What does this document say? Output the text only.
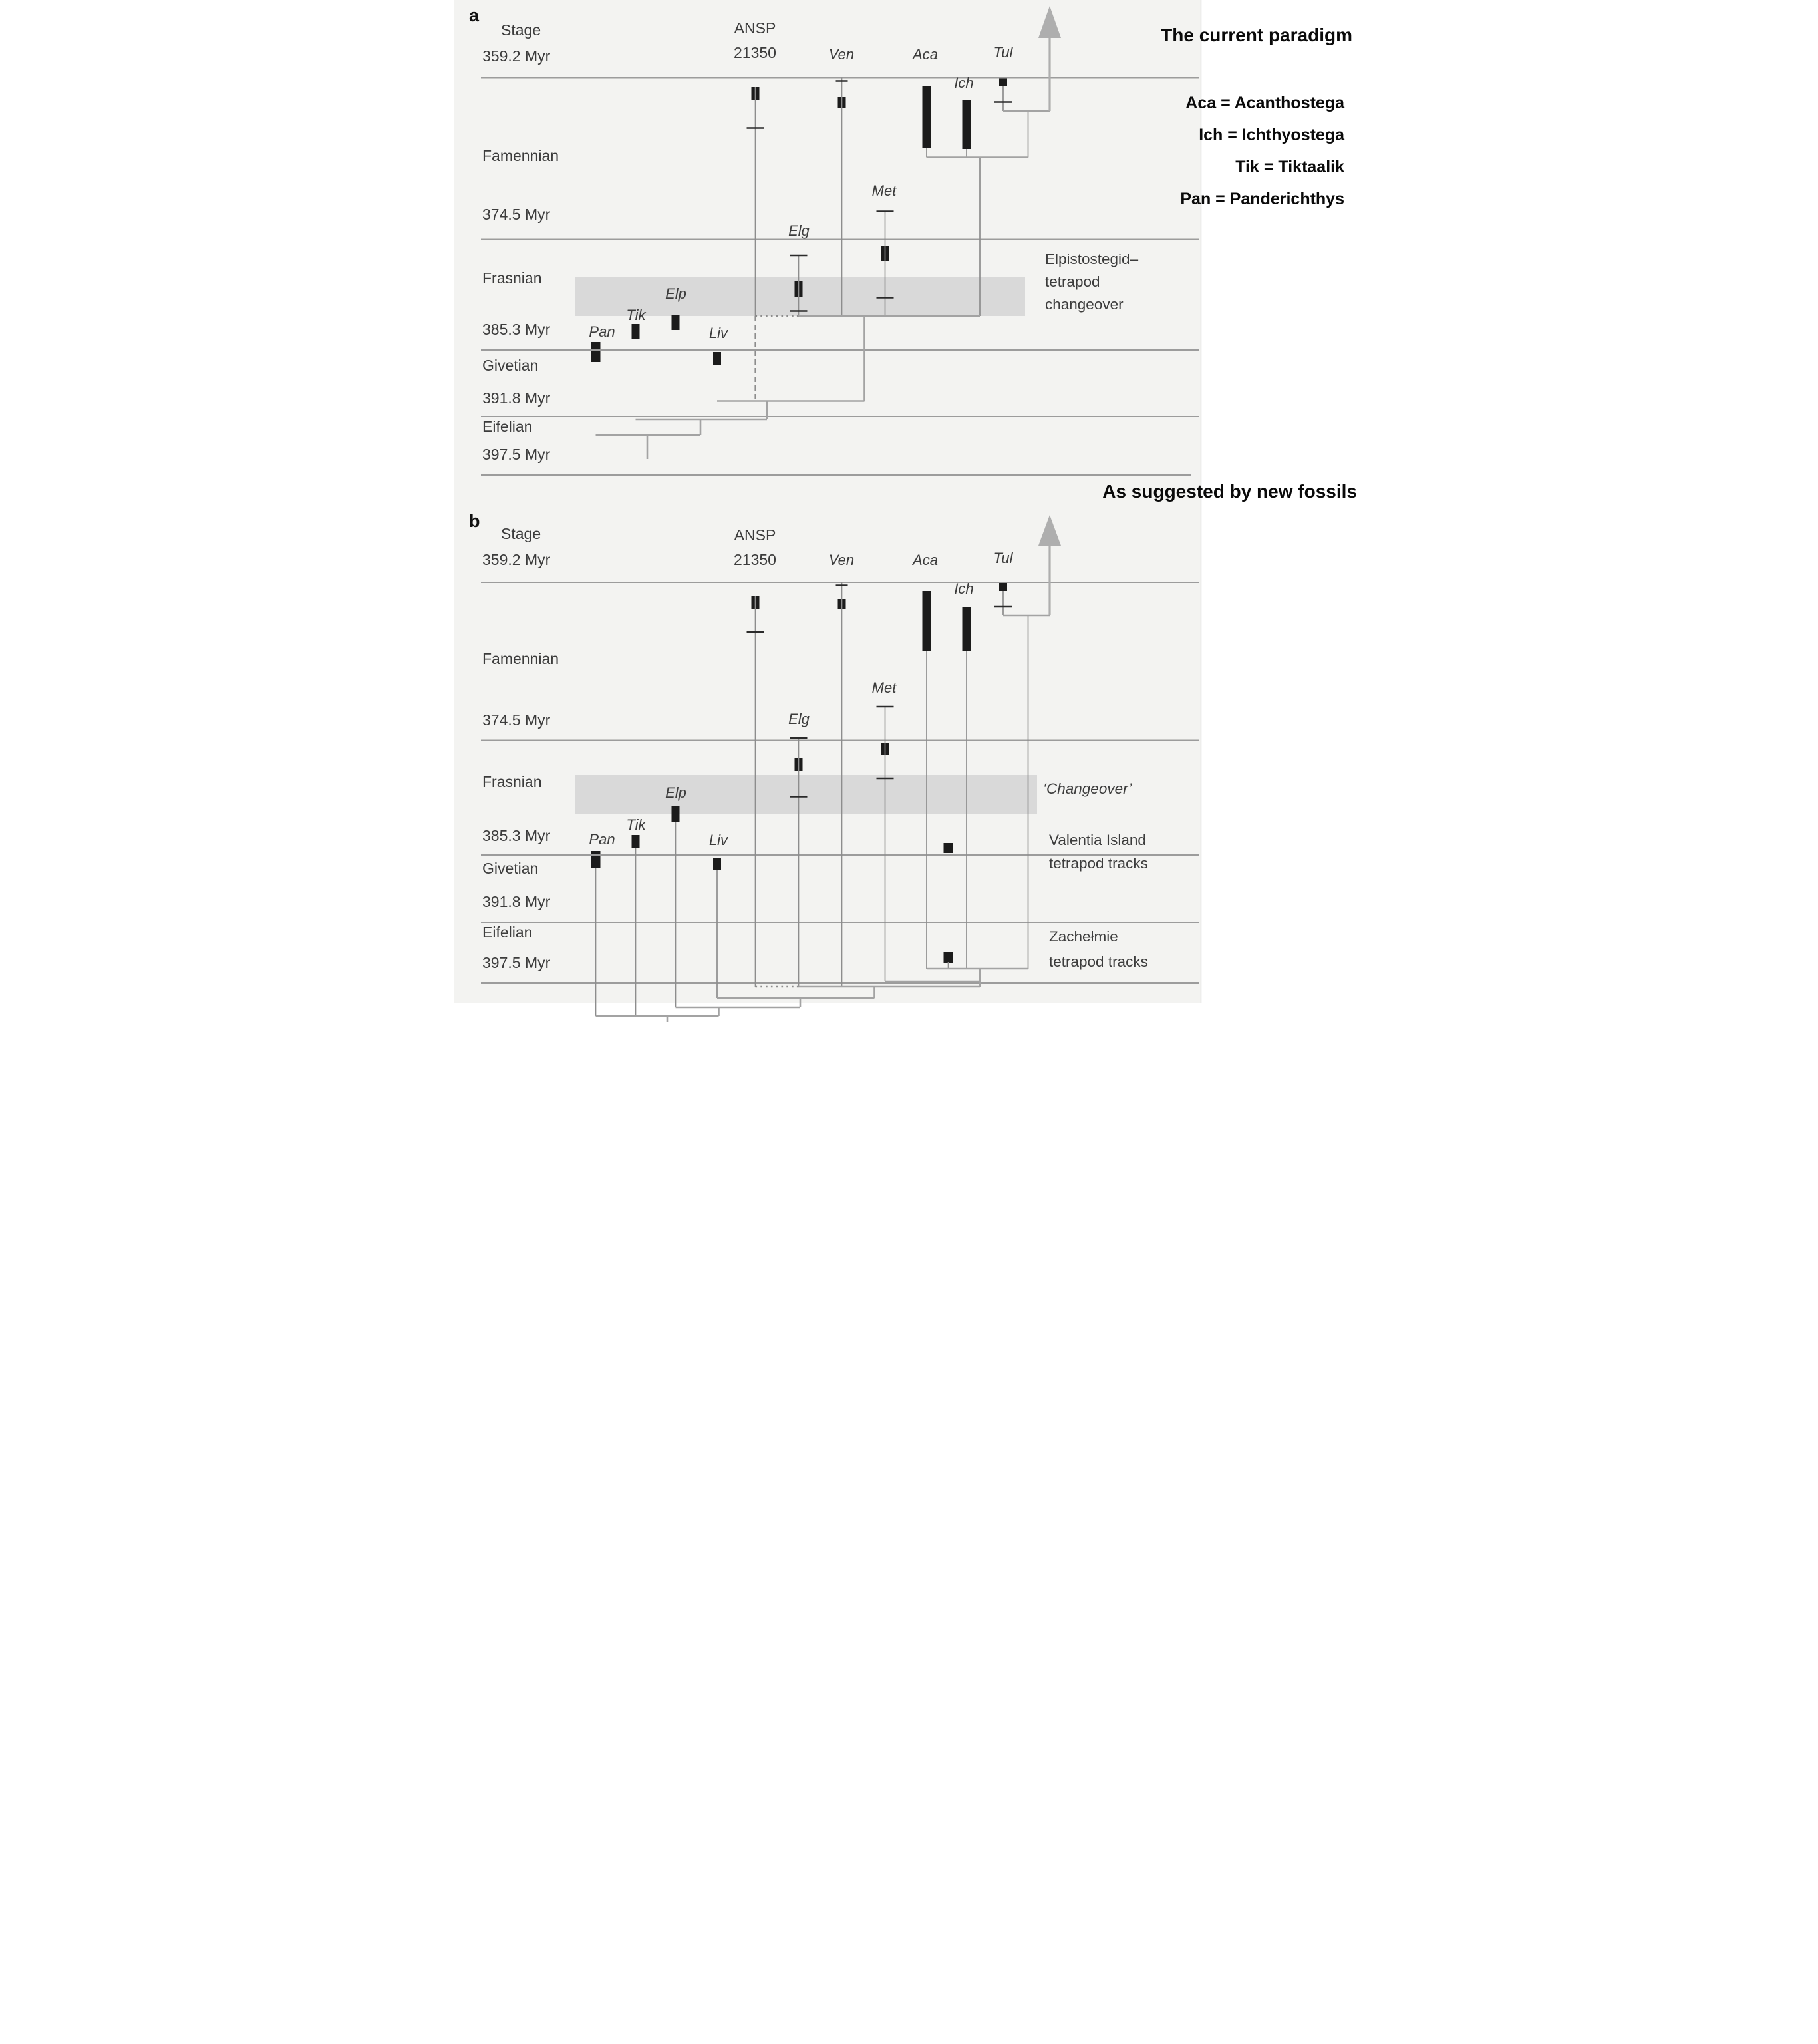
a
Stage
359.2 Myr
Famennian
374.5 Myr
Frasnian
385.3 Myr
Givetian
391.8 Myr
Eifelian
397.5 Myr
ANSP
21350	Ven	Aca
Ich
Tul
Met
Elg
Elp
Tik
Pan	Liv
The current paradigm
Aca = Acanthostega
Ich = Ichthyostega
Tik = Tiktaalik
Pan = Panderichthys
Elpistostegid–
tetrapod
changeover
b
Stage
359.2 Myr
Famennian
374.5 Myr
Frasnian
385.3 Myr
Givetian
391.8 Myr
Eifelian
397.5 Myr
ANSP
21350	Ven	Aca
Ich
Tul
Met
Elg
Elp
Tik
Pan	Liv
As suggested by new fossils
‘Changeover’
Valentia Island
tetrapod tracks
Zachełmie
tetrapod tracks
